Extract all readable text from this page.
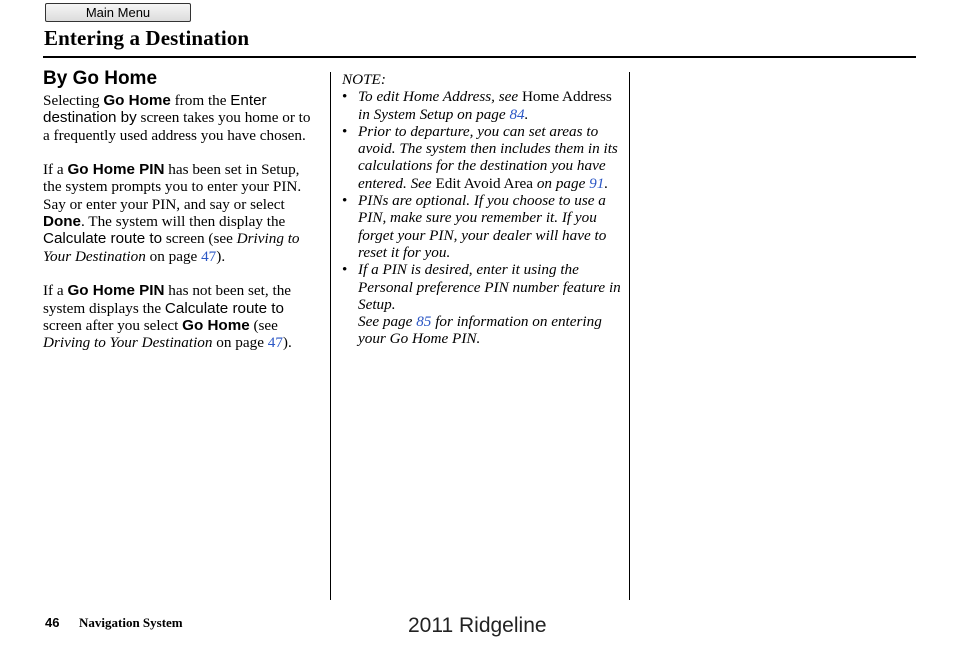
Main Menu
Entering a Destination
By Go Home

Selecting Go Home from the Enter destination by screen takes you home or to a frequently used address you have chosen.

If a Go Home PIN has been set in Setup, the system prompts you to enter your PIN. Say or enter your PIN, and say or select Done. The system will then display the Calculate route to screen (see Driving to Your Destination on page 47).

If a Go Home PIN has not been set, the system displays the Calculate route to screen after you select Go Home (see Driving to Your Destination on page 47).

NOTE:
• To edit Home Address, see Home Address in System Setup on page 84.
• Prior to departure, you can set areas to avoid. The system then includes them in its calculations for the destination you have entered. See Edit Avoid Area on page 91.
• PINs are optional. If you choose to use a PIN, make sure you remember it. If you forget your PIN, your dealer will have to reset it for you.
• If a PIN is desired, enter it using the Personal preference PIN number feature in Setup.
See page 85 for information on entering your Go Home PIN.
46 Navigation System	2011 Ridgeline
